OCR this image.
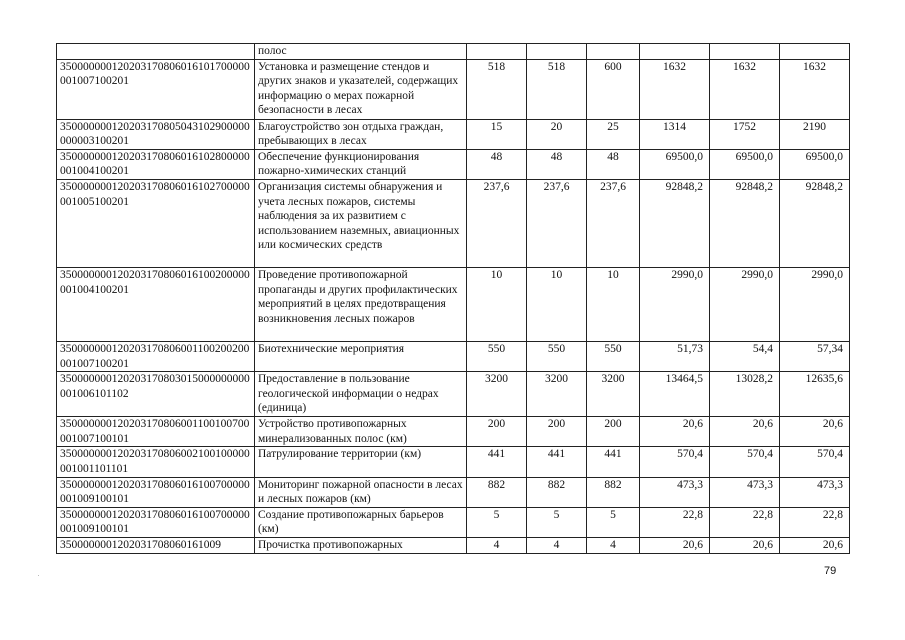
	полос						
350000000120203170806016101700000001007100201	Установка и размещение стендов и других знаков и указателей, содержащих информацию о мерах пожарной безопасности в лесах	518	518	600	1632	1632	1632
350000000120203170805043102900000000003100201	Благоустройство зон отдыха граждан, пребывающих в лесах	15	20	25	1314	1752	2190
350000000120203170806016102800000001004100201	Обеспечение функционирования пожарно-химических станций	48	48	48	69500,0	69500,0	69500,0
350000000120203170806016102700000001005100201	Организация системы обнаружения и учета лесных пожаров, системы наблюдения за их развитием с использованием наземных, авиационных или космических средств	237,6	237,6	237,6	92848,2	92848,2	92848,2
350000000120203170806016100200000001004100201	Проведение противопожарной пропаганды и других профилактических мероприятий в целях предотвращения возникновения лесных пожаров	10	10	10	2990,0	2990,0	2990,0
350000000120203170806001100200200001007100201	Биотехнические мероприятия	550	550	550	51,73	54,4	57,34
350000000120203170803015000000000001006101102	Предоставление в пользование геологической информации о недрах (единица)	3200	3200	3200	13464,5	13028,2	12635,6
350000000120203170806001100100700001007100101	Устройство противопожарных минерализованных полос (км)	200	200	200	20,6	20,6	20,6
350000000120203170806002100100000001001101101	Патрулирование территории (км)	441	441	441	570,4	570,4	570,4
350000000120203170806016100700000001009100101	Мониторинг пожарной опасности в лесах и лесных пожаров (км)	882	882	882	473,3	473,3	473,3
350000000120203170806016100700000001009100101	Создание противопожарных барьеров (км)	5	5	5	22,8	22,8	22,8
3500000001202031708060161009	Прочистка противопожарных	4	4	4	20,6	20,6	20,6
79
